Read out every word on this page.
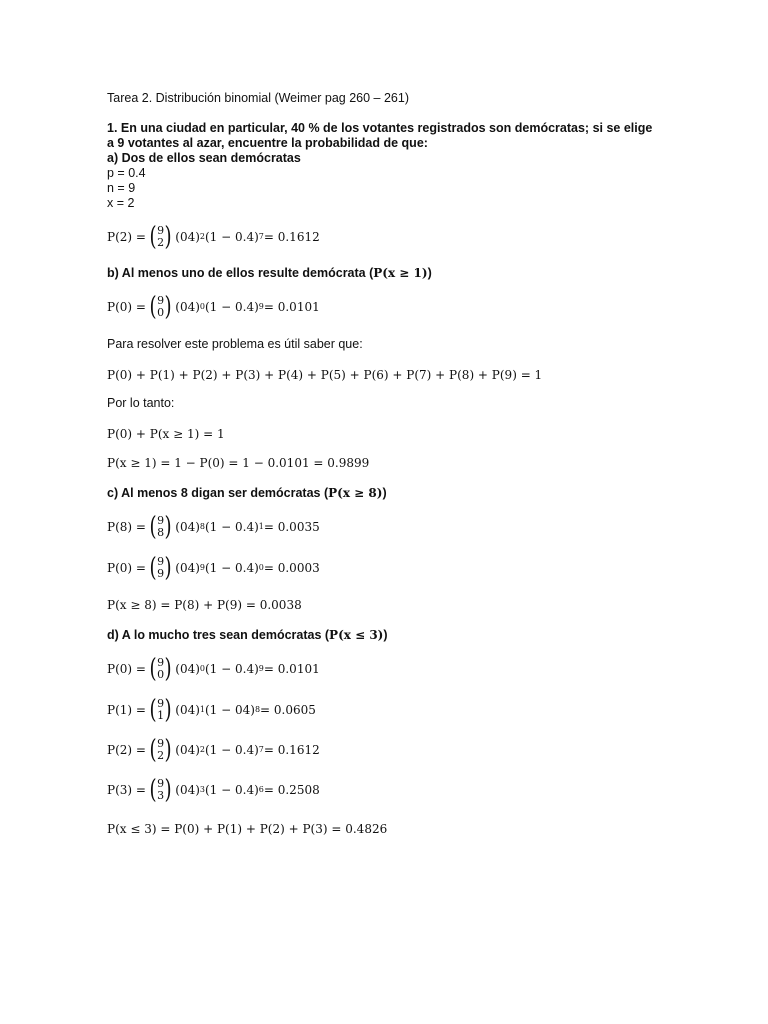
Tarea 2. Distribución binomial (Weimer pag 260 – 261)
1. En una ciudad en particular, 40 % de los votantes registrados son demócratas; si se elige
a 9 votantes al azar, encuentre la probabilidad de que:
a) Dos de ellos sean demócratas
p = 0.4
n = 9
x = 2
P(2) = ( 9
2 ) (04) 2 (1 − 0.4) 7 = 0.1612
b) Al menos uno de ellos resulte demócrata (P(x ≥ 1))
P(0) = ( 9
0 ) (04) 0 (1 − 0.4) 9 = 0.0101
Para resolver este problema es útil saber que:
P(0) + P(1) + P(2) + P(3) + P(4) + P(5) + P(6) + P(7) + P(8) + P(9) = 1
Por lo tanto:
P(0) + P(x ≥ 1) = 1
P(x ≥ 1) = 1 − P(0) = 1 − 0.0101 = 0.9899
c) Al menos 8 digan ser demócratas (P(x ≥ 8))
P(8) = ( 9
8 ) (04) 8 (1 − 0.4) 1 = 0.0035
P(0) = ( 9
9 ) (04) 9 (1 − 0.4) 0 = 0.0003
P(x ≥ 8) = P(8) + P(9) = 0.0038
d) A lo mucho tres sean demócratas (P(x ≤ 3))
P(0) = ( 9
0 ) (04) 0 (1 − 0.4) 9 = 0.0101
P(1) = ( 9
1 ) (04) 1 (1 − 04) 8 = 0.0605
P(2) = ( 9
2 ) (04) 2 (1 − 0.4) 7 = 0.1612
P(3) = ( 9
3 ) (04) 3 (1 − 0.4) 6 = 0.2508
P(x ≤ 3) = P(0) + P(1) + P(2) + P(3) = 0.4826
